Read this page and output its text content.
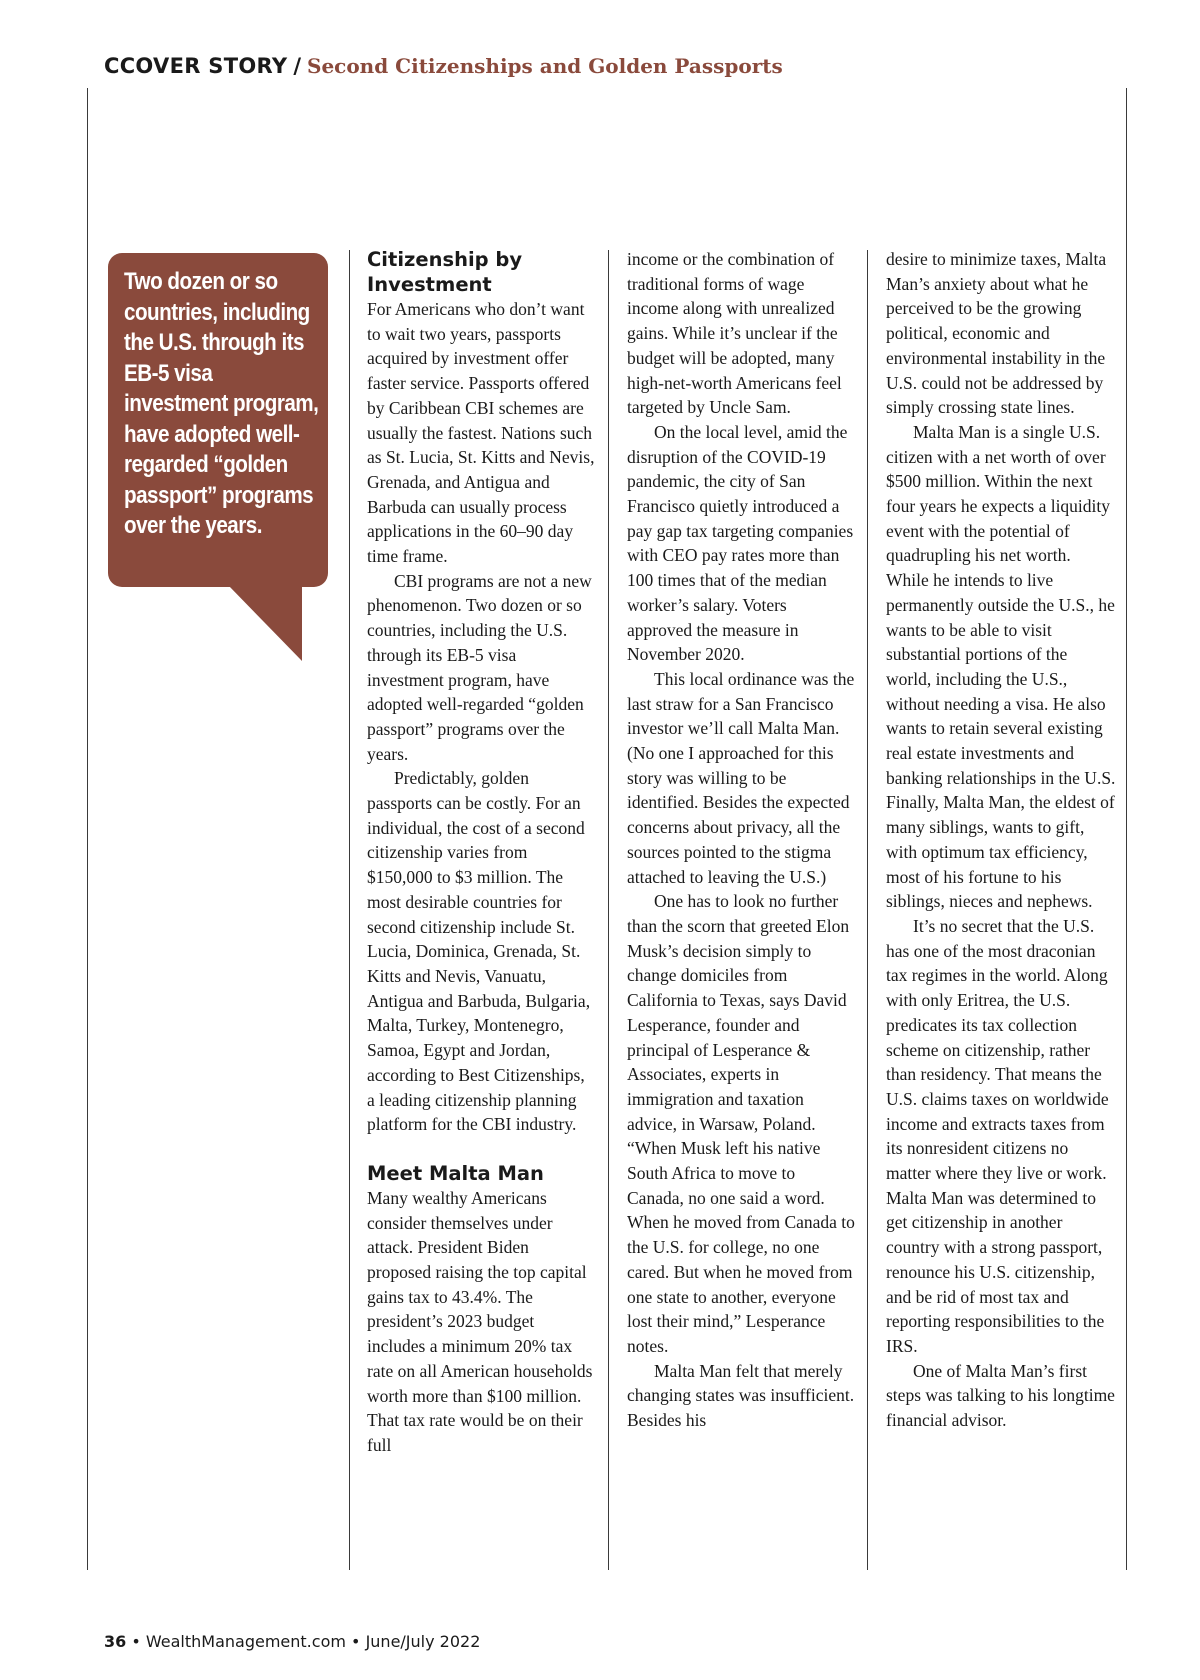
CCOVER STORY / Second Citizenships and Golden Passports

Two dozen or so countries, including the U.S. through its EB-5 visa investment program, have adopted well-regarded “golden passport” programs over the years.

Citizenship by Investment

For Americans who don’t want to wait two years, passports acquired by investment offer faster service. Passports offered by Caribbean CBI schemes are usually the fastest. Nations such as St. Lucia, St. Kitts and Nevis, Grenada, and Antigua and Barbuda can usually process applications in the 60–90 day time frame.

CBI programs are not a new phenomenon. Two dozen or so countries, including the U.S. through its EB-5 visa investment program, have adopted well-regarded “golden passport” programs over the years.

Predictably, golden passports can be costly. For an individual, the cost of a second citizenship varies from $150,000 to $3 million. The most desirable countries for second citizenship include St. Lucia, Dominica, Grenada, St. Kitts and Nevis, Vanuatu, Antigua and Barbuda, Bulgaria, Malta, Turkey, Montenegro, Samoa, Egypt and Jordan, according to Best Citizenships, a leading citizenship planning platform for the CBI industry.

Meet Malta Man

Many wealthy Americans consider themselves under attack. President Biden proposed raising the top capital gains tax to 43.4%. The president’s 2023 budget includes a minimum 20% tax rate on all American households worth more than $100 million. That tax rate would be on their full

income or the combination of traditional forms of wage income along with unrealized gains. While it’s unclear if the budget will be adopted, many high-net-worth Americans feel targeted by Uncle Sam.

On the local level, amid the disruption of the COVID-19 pandemic, the city of San Francisco quietly introduced a pay gap tax targeting companies with CEO pay rates more than 100 times that of the median worker’s salary. Voters approved the measure in November 2020.

This local ordinance was the last straw for a San Francisco investor we’ll call Malta Man. (No one I approached for this story was willing to be identified. Besides the expected concerns about privacy, all the sources pointed to the stigma attached to leaving the U.S.)

One has to look no further than the scorn that greeted Elon Musk’s decision simply to change domiciles from California to Texas, says David Lesperance, founder and principal of Lesperance & Associates, experts in immigration and taxation advice, in Warsaw, Poland. “When Musk left his native South Africa to move to Canada, no one said a word. When he moved from Canada to the U.S. for college, no one cared. But when he moved from one state to another, everyone lost their mind,” Lesperance notes.

Malta Man felt that merely changing states was insufficient. Besides his

desire to minimize taxes, Malta Man’s anxiety about what he perceived to be the growing political, economic and environmental instability in the U.S. could not be addressed by simply crossing state lines.

Malta Man is a single U.S. citizen with a net worth of over $500 million. Within the next four years he expects a liquidity event with the potential of quadrupling his net worth. While he intends to live permanently outside the U.S., he wants to be able to visit substantial portions of the world, including the U.S., without needing a visa. He also wants to retain several existing real estate investments and banking relationships in the U.S. Finally, Malta Man, the eldest of many siblings, wants to gift, with optimum tax efficiency, most of his fortune to his siblings, nieces and nephews.

It’s no secret that the U.S. has one of the most draconian tax regimes in the world. Along with only Eritrea, the U.S. predicates its tax collection scheme on citizenship, rather than residency. That means the U.S. claims taxes on worldwide income and extracts taxes from its nonresident citizens no matter where they live or work. Malta Man was determined to get citizenship in another country with a strong passport, renounce his U.S. citizenship, and be rid of most tax and reporting responsibilities to the IRS.

One of Malta Man’s first steps was talking to his longtime financial advisor.

36 • WealthManagement.com • June/July 2022
